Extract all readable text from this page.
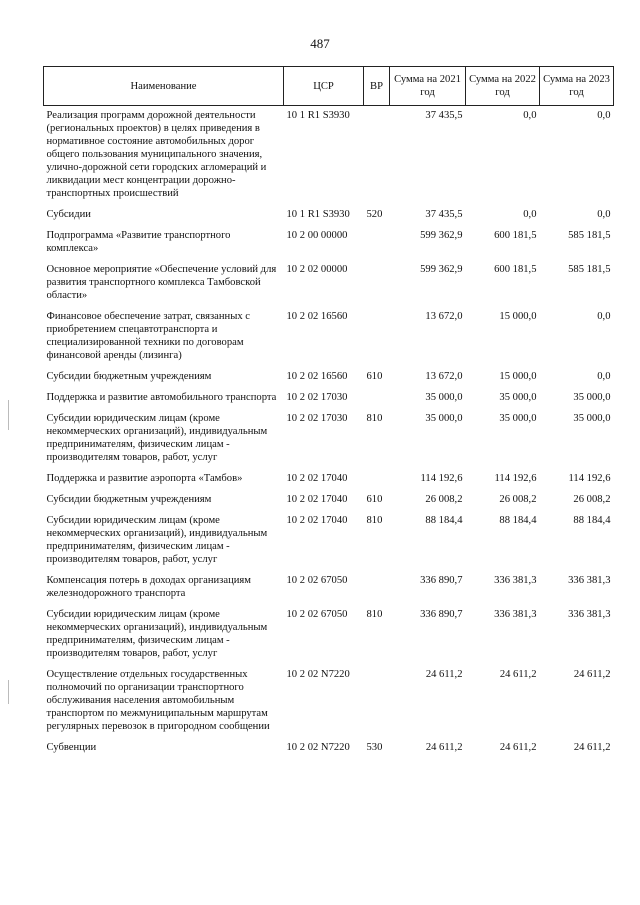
487
Наименование	ЦСР	ВР	Сумма на 2021 год	Сумма на 2022 год	Сумма на 2023 год
Реализация программ дорожной деятельности (региональных проектов) в целях приведения в нормативное состояние автомобильных дорог общего пользования муниципального значения, улично-дорожной сети городских агломераций и ликвидации мест концентрации дорожно-транспортных происшествий	10 1 R1 S3930		37 435,5	0,0	0,0
Субсидии	10 1 R1 S3930	520	37 435,5	0,0	0,0
Подпрограмма «Развитие транспортного комплекса»	10 2 00 00000		599 362,9	600 181,5	585 181,5
Основное мероприятие «Обеспечение условий для развития транспортного комплекса Тамбовской области»	10 2 02 00000		599 362,9	600 181,5	585 181,5
Финансовое обеспечение затрат, связанных с приобретением спецавтотранспорта и специализированной техники по договорам финансовой аренды (лизинга)	10 2 02 16560		13 672,0	15 000,0	0,0
Субсидии бюджетным учреждениям	10 2 02 16560	610	13 672,0	15 000,0	0,0
Поддержка и развитие автомобильного транспорта	10 2 02 17030		35 000,0	35 000,0	35 000,0
Субсидии юридическим лицам (кроме некоммерческих организаций), индивидуальным предпринимателям, физическим лицам - производителям товаров, работ, услуг	10 2 02 17030	810	35 000,0	35 000,0	35 000,0
Поддержка и развитие аэропорта «Тамбов»	10 2 02 17040		114 192,6	114 192,6	114 192,6
Субсидии бюджетным учреждениям	10 2 02 17040	610	26 008,2	26 008,2	26 008,2
Субсидии юридическим лицам (кроме некоммерческих организаций), индивидуальным предпринимателям, физическим лицам - производителям товаров, работ, услуг	10 2 02 17040	810	88 184,4	88 184,4	88 184,4
Компенсация потерь в доходах организациям железнодорожного транспорта	10 2 02 67050		336 890,7	336 381,3	336 381,3
Субсидии юридическим лицам (кроме некоммерческих организаций), индивидуальным предпринимателям, физическим лицам - производителям товаров, работ, услуг	10 2 02 67050	810	336 890,7	336 381,3	336 381,3
Осуществление отдельных государственных полномочий по организации транспортного обслуживания населения автомобильным транспортом по межмуниципальным маршрутам регулярных перевозок в пригородном сообщении	10 2 02 N7220		24 611,2	24 611,2	24 611,2
Субвенции	10 2 02 N7220	530	24 611,2	24 611,2	24 611,2
